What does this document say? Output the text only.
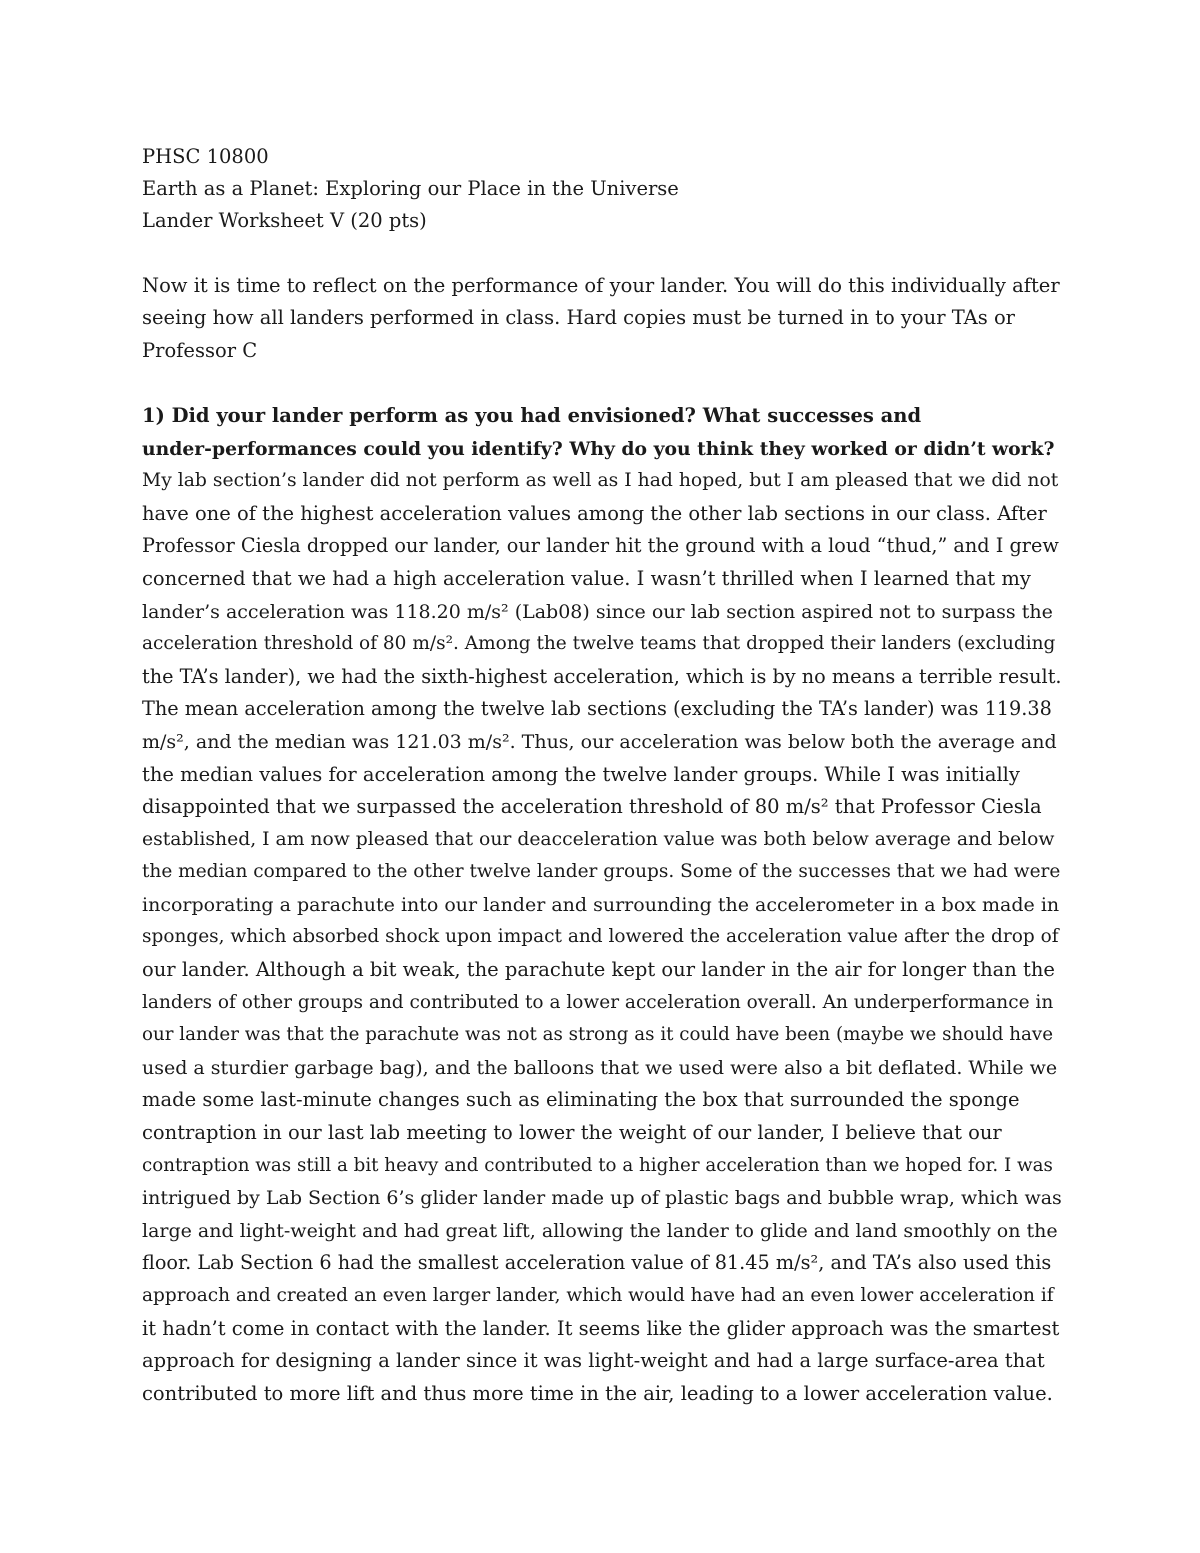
PHSC 10800
Earth as a Planet: Exploring our Place in the Universe
Lander Worksheet V (20 pts)
Now it is time to reflect on the performance of your lander. You will do this individually after
seeing how all landers performed in class. Hard copies must be turned in to your TAs or
Professor C
1) Did your lander perform as you had envisioned? What successes and
under-performances could you identify? Why do you think they worked or didn’t work?
My lab section’s lander did not perform as well as I had hoped, but I am pleased that we did not
have one of the highest acceleration values among the other lab sections in our class. After
Professor Ciesla dropped our lander, our lander hit the ground with a loud “thud,” and I grew
concerned that we had a high acceleration value. I wasn’t thrilled when I learned that my
lander’s acceleration was 118.20 m/s² (Lab08) since our lab section aspired not to surpass the
acceleration threshold of 80 m/s². Among the twelve teams that dropped their landers (excluding
the TA’s lander), we had the sixth-highest acceleration, which is by no means a terrible result.
The mean acceleration among the twelve lab sections (excluding the TA’s lander) was 119.38
m/s², and the median was 121.03 m/s². Thus, our acceleration was below both the average and
the median values for acceleration among the twelve lander groups. While I was initially
disappointed that we surpassed the acceleration threshold of 80 m/s² that Professor Ciesla
established, I am now pleased that our deacceleration value was both below average and below
the median compared to the other twelve lander groups. Some of the successes that we had were
incorporating a parachute into our lander and surrounding the accelerometer in a box made in
sponges, which absorbed shock upon impact and lowered the acceleration value after the drop of
our lander. Although a bit weak, the parachute kept our lander in the air for longer than the
landers of other groups and contributed to a lower acceleration overall. An underperformance in
our lander was that the parachute was not as strong as it could have been (maybe we should have
used a sturdier garbage bag), and the balloons that we used were also a bit deflated. While we
made some last-minute changes such as eliminating the box that surrounded the sponge
contraption in our last lab meeting to lower the weight of our lander, I believe that our
contraption was still a bit heavy and contributed to a higher acceleration than we hoped for. I was
intrigued by Lab Section 6’s glider lander made up of plastic bags and bubble wrap, which was
large and light-weight and had great lift, allowing the lander to glide and land smoothly on the
floor. Lab Section 6 had the smallest acceleration value of 81.45 m/s², and TA’s also used this
approach and created an even larger lander, which would have had an even lower acceleration if
it hadn’t come in contact with the lander. It seems like the glider approach was the smartest
approach for designing a lander since it was light-weight and had a large surface-area that
contributed to more lift and thus more time in the air, leading to a lower acceleration value.
